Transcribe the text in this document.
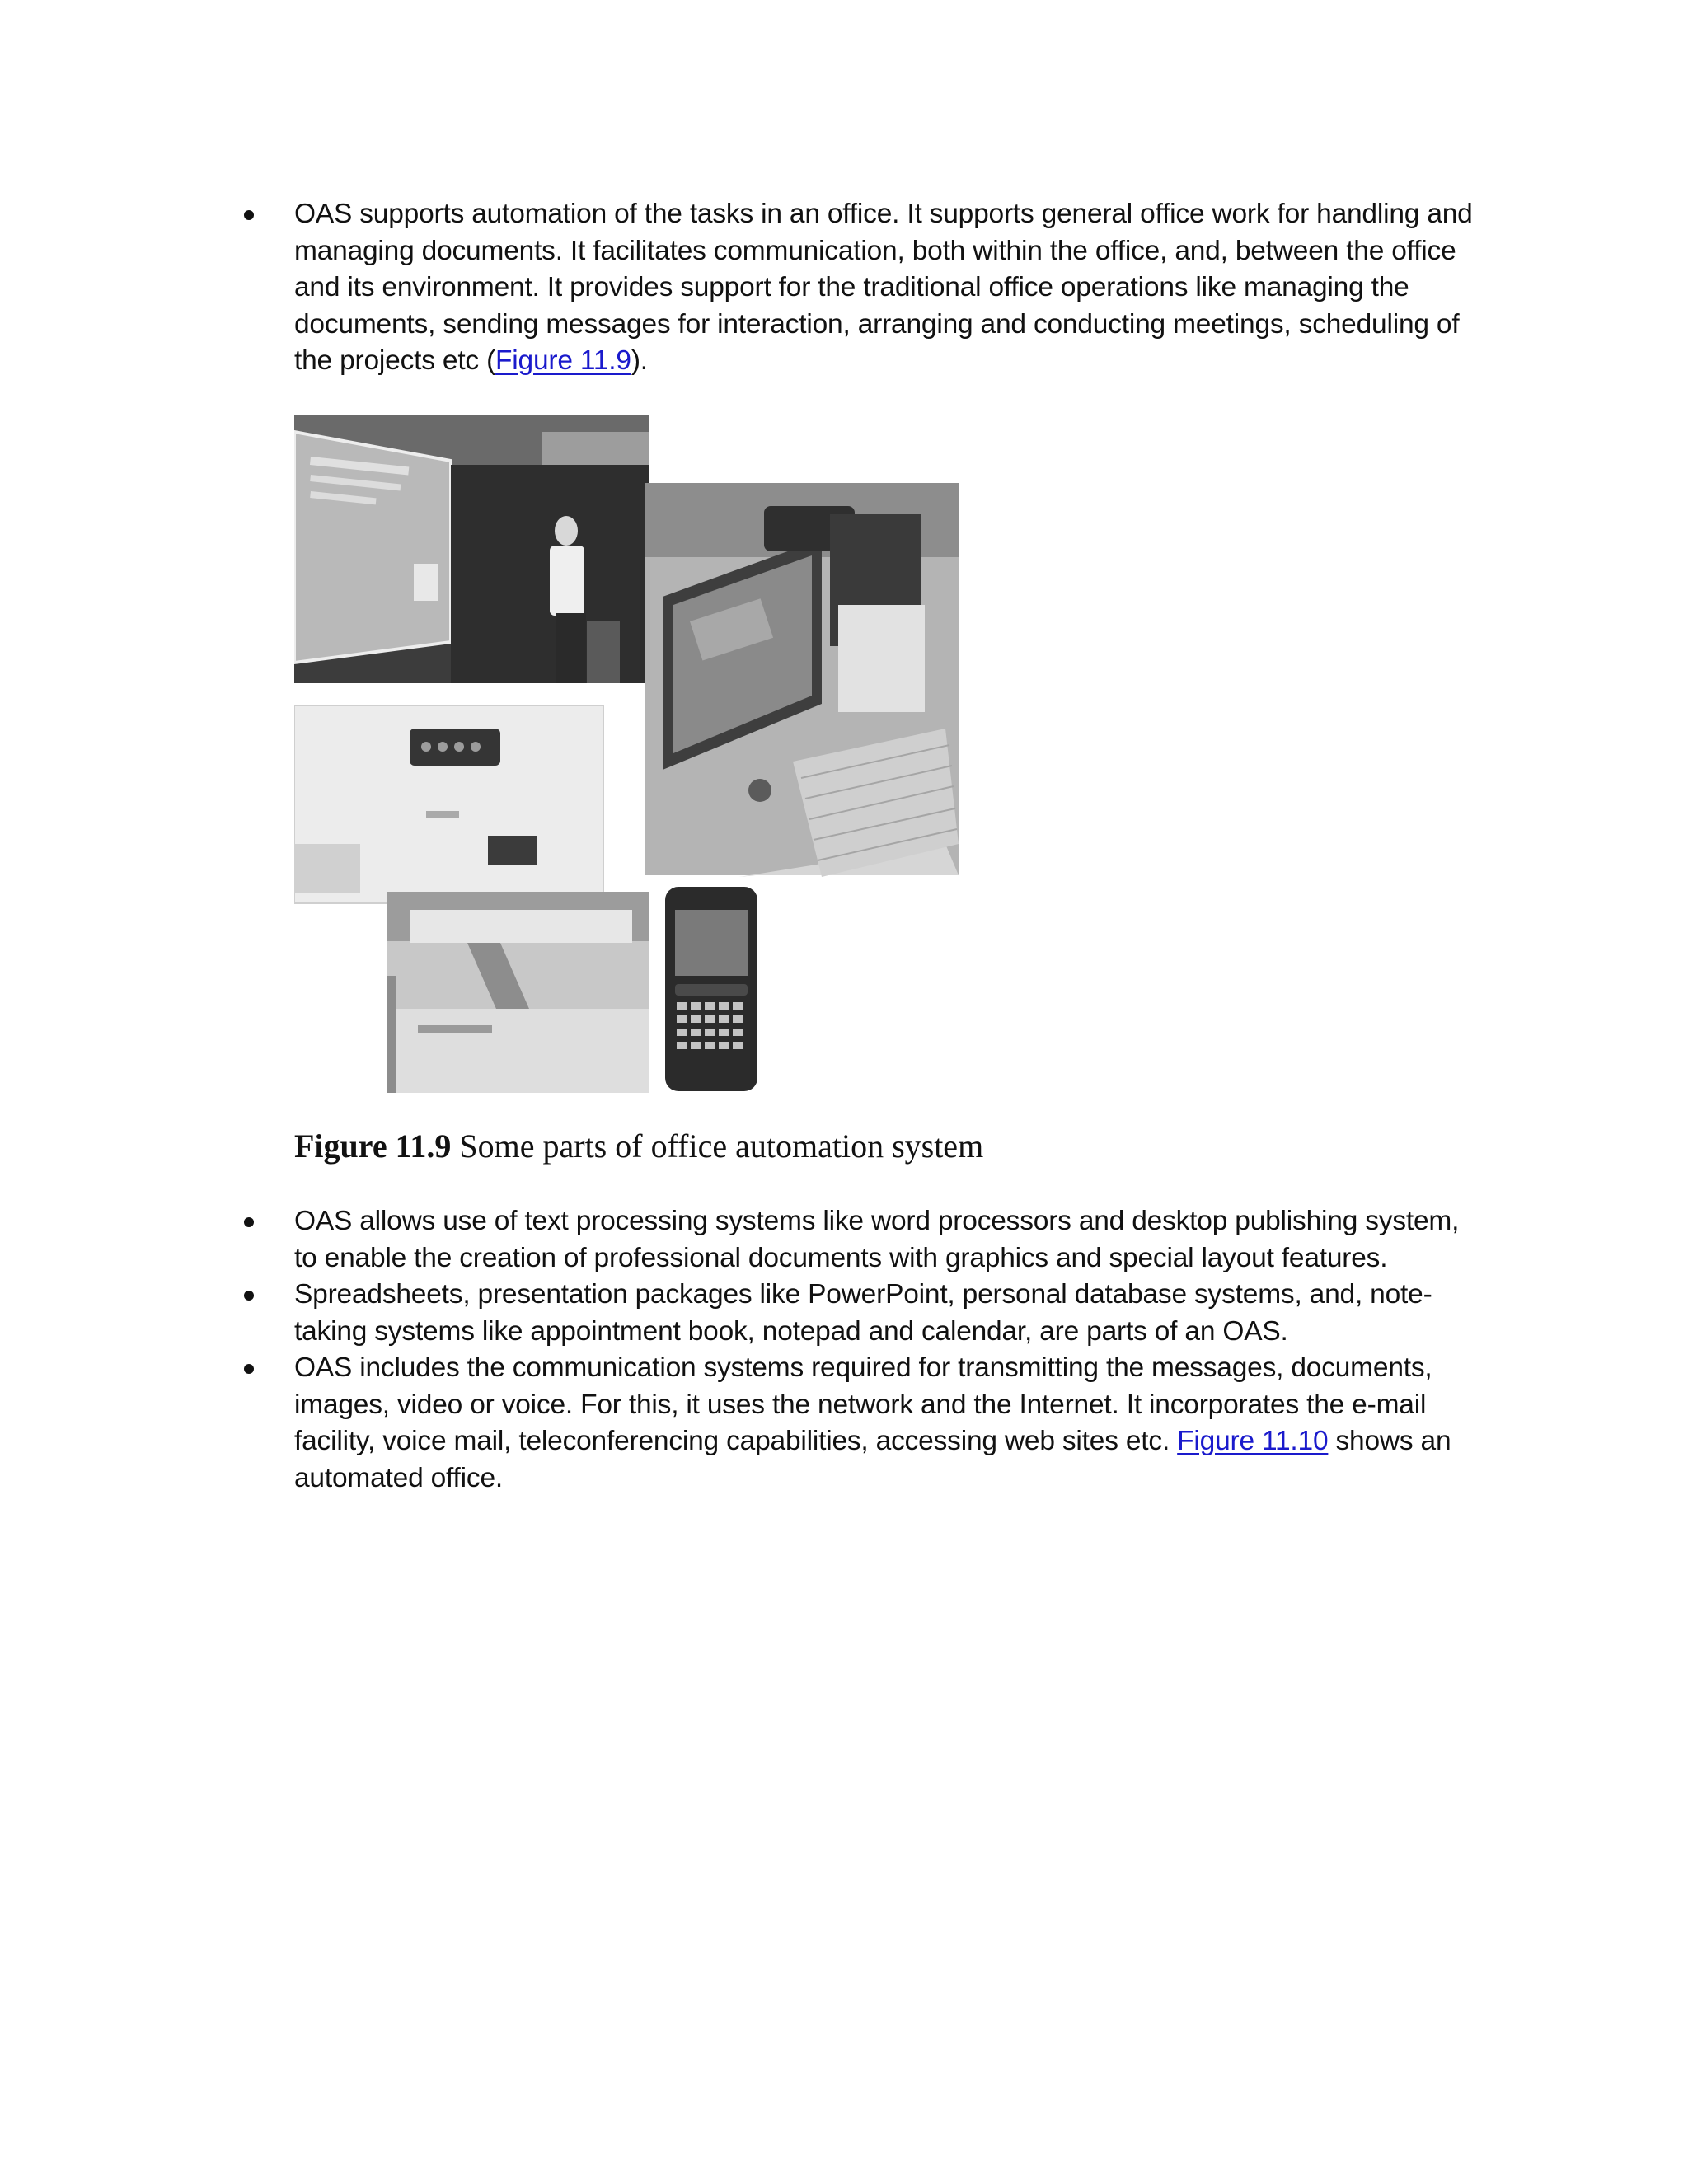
OAS supports automation of the tasks in an office. It supports general office work for handling and managing documents. It facilitates communication, both within the office, and, between the office and its environment. It provides support for the traditional office operations like managing the documents, sending messages for interaction, arranging and conducting meetings, scheduling of the projects etc (Figure 11.9).
Figure 11.9 Some parts of office automation system
OAS allows use of text processing systems like word processors and desktop publishing system, to enable the creation of professional documents with graphics and special layout features.
Spreadsheets, presentation packages like PowerPoint, personal database systems, and, note-taking systems like appointment book, notepad and calendar, are parts of an OAS.
OAS includes the communication systems required for transmitting the messages, documents, images, video or voice. For this, it uses the network and the Internet. It incorporates the e-mail facility, voice mail, teleconferencing capabilities, accessing web sites etc. Figure 11.10 shows an automated office.
